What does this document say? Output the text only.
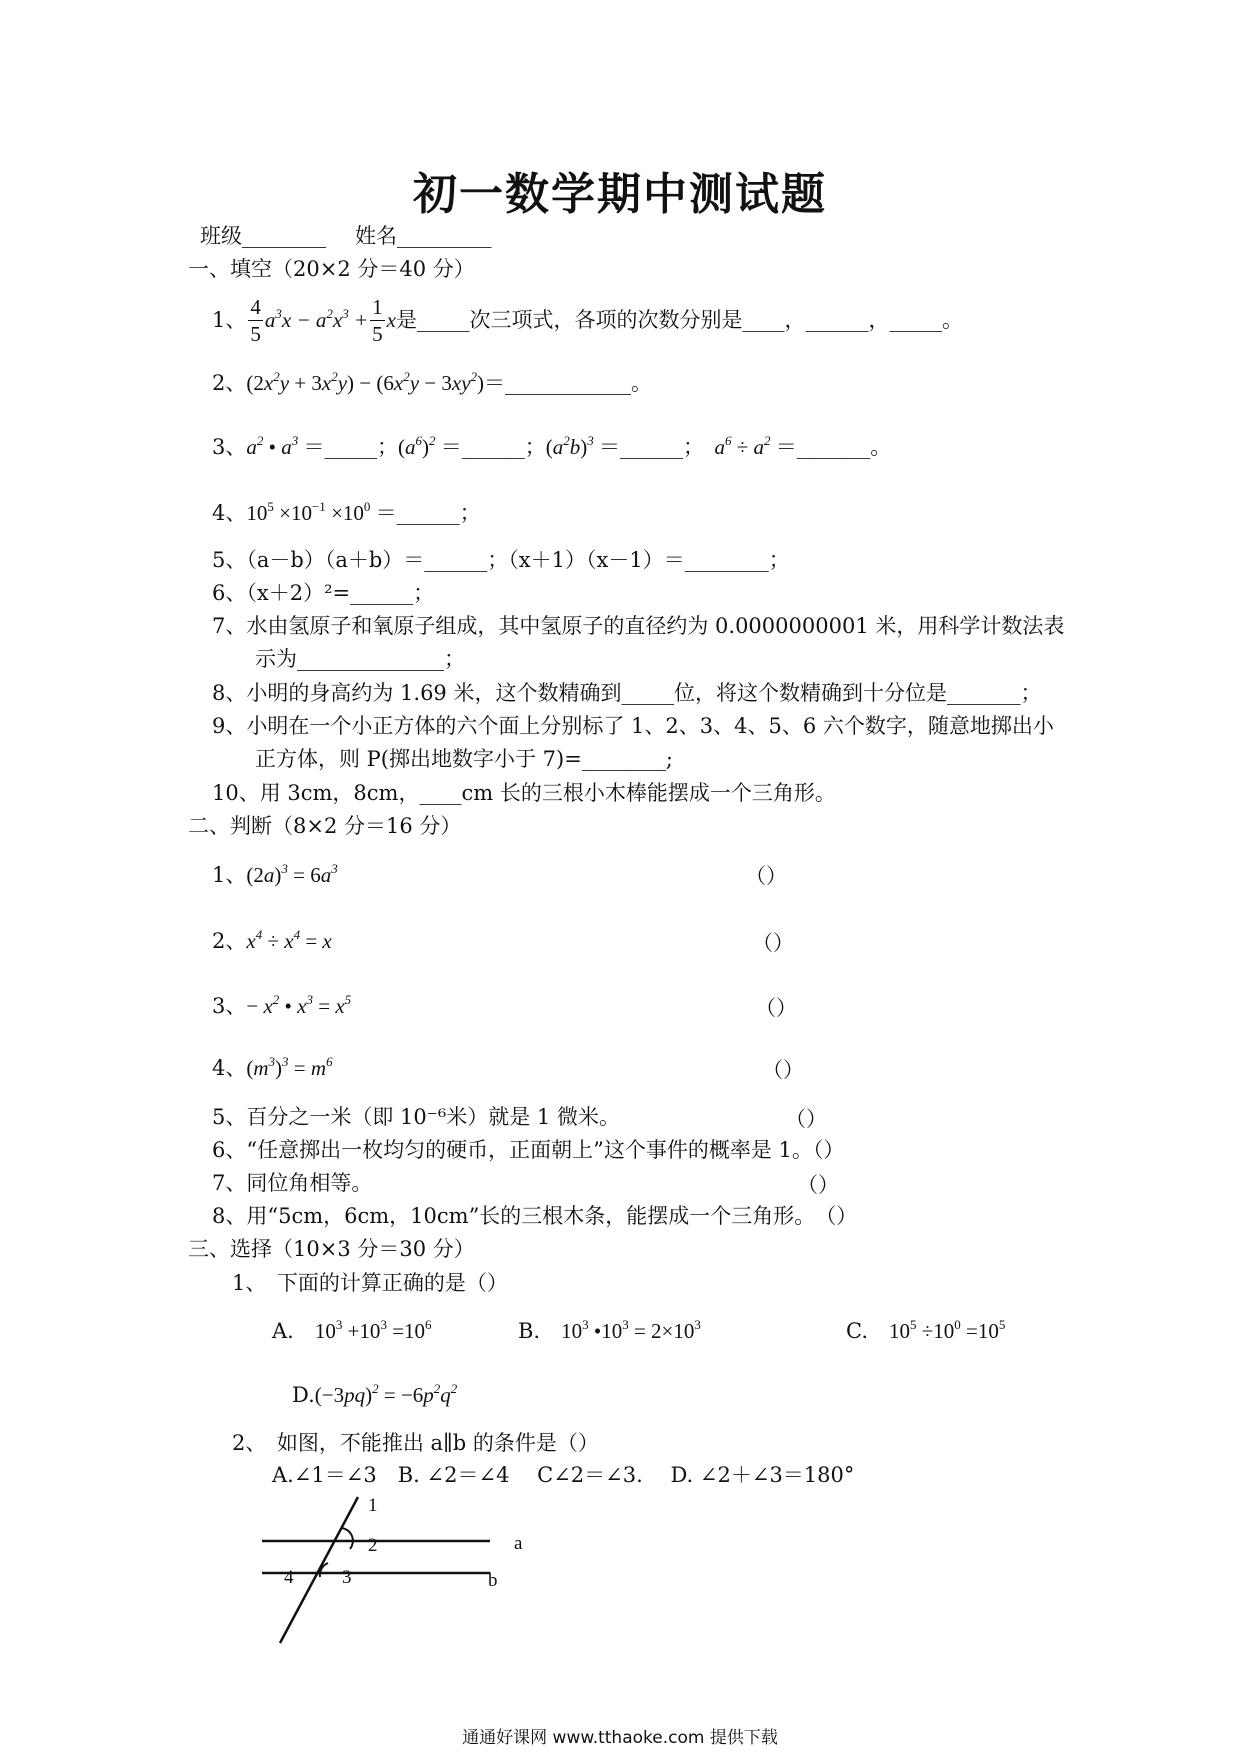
初一数学期中测试题
班级________ 姓名_________
一、填空（20×2 分＝40 分）
1、 $\frac{4}{5} a^3x - a^2x^3 + \frac{1}{5}$ x 是_____次三项式，各项的次数分别是____，______，_____。
2、$(2x^2y + 3x^2y) - (6x^2y$ − $3xy^2)=\_\_\_\_\_\_\_\_\_\_\_\_$。
3、$a^2$ • $a^3$ ＝_____；$(a^6)^2$ ＝______；$(a^2b)^3$ ＝______；　$a^6 \div a^2$ ＝_______。
4、$10^5 \times 10^{-1} \times 10^0$ ＝______；
5、（a－b）（a＋b）＝______；（x＋1）（x－1）＝________；
6、（x＋2）²=______；
7、水由氢原子和氧原子组成，其中氢原子的直径约为 0.0000000001 米，用科学计数法表
示为______________；
8、小明的身高约为 1.69 米，这个数精确到_____位，将这个数精确到十分位是_______；
9、小明在一个小正方体的六个面上分别标了 1、2、3、4、5、6 六个数字，随意地掷出小
正方体，则 P(掷出地数字小于 7)=________;
10、用 3cm，8cm，____cm 长的三根小木棒能摆成一个三角形。
二、判断（8×2 分＝16 分）
1、$(2a)^3 = 6a^3$	（）
2、$x^4 \div x^4 = x$	（）
3、− $x^2$ • $x^3 = x^5$	（）
4、$(m^3)^3 = m^6$	（）
5、百分之一米（即 10⁻⁶米）就是 1 微米。	（）
6、“任意掷出一枚均匀的硬币，正面朝上”这个事件的概率是 1。（）
7、同位角相等。	（）
8、用“5cm，6cm，10cm”长的三根木条，能摆成一个三角形。　（）
三、选择（10×3 分＝30 分）
1、　下面的计算正确的是（）
A.　 $10^3 +10^3 =10^6$	B.　 $10^3$ $•10^3 = 2\times 10^3$	C.　 $10^5 \div 10^0 =10^5$
$D.(-3pq)^2 = -6p^2q^2$
2、　如图，不能推出 a∥b 的条件是（）
A.∠1＝∠3　B. ∠2＝∠4　 C∠2＝∠3.　 D. ∠2＋∠3＝180°
1
2
3
4
a
b
通通好课网 www.tthaoke.com 提供下载
